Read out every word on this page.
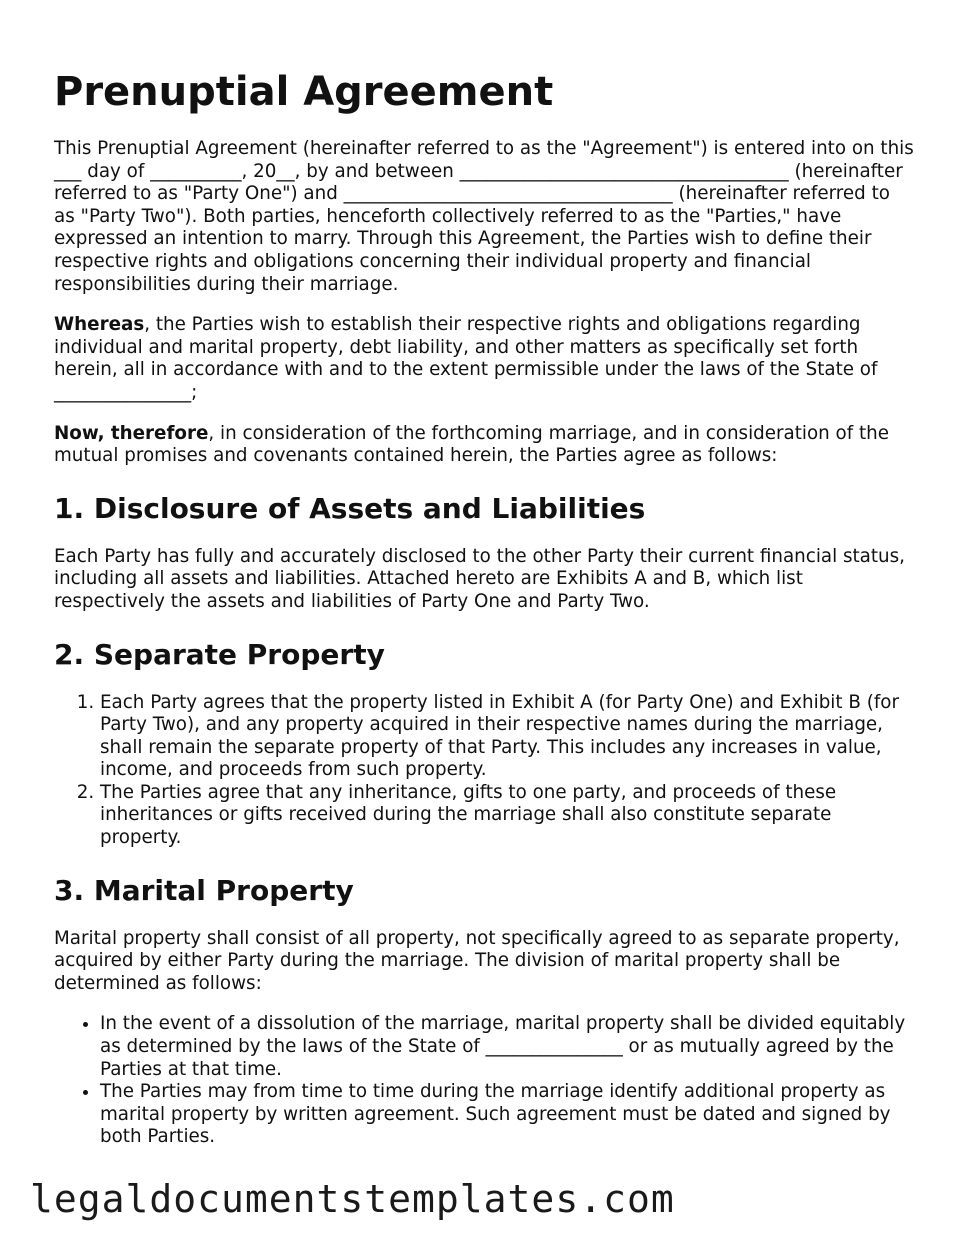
Prenuptial Agreement

This Prenuptial Agreement (hereinafter referred to as the "Agreement") is entered into on this ___ day of __________, 20__, by and between ____________________________________ (hereinafter referred to as "Party One") and ____________________________________ (hereinafter referred to as "Party Two"). Both parties, henceforth collectively referred to as the "Parties," have expressed an intention to marry. Through this Agreement, the Parties wish to define their respective rights and obligations concerning their individual property and financial responsibilities during their marriage.

Whereas, the Parties wish to establish their respective rights and obligations regarding individual and marital property, debt liability, and other matters as specifically set forth herein, all in accordance with and to the extent permissible under the laws of the State of _______________;

Now, therefore, in consideration of the forthcoming marriage, and in consideration of the mutual promises and covenants contained herein, the Parties agree as follows:

1. Disclosure of Assets and Liabilities

Each Party has fully and accurately disclosed to the other Party their current financial status, including all assets and liabilities. Attached hereto are Exhibits A and B, which list respectively the assets and liabilities of Party One and Party Two.

2. Separate Property
1. Each Party agrees that the property listed in Exhibit A (for Party One) and Exhibit B (for Party Two), and any property acquired in their respective names during the marriage, shall remain the separate property of that Party. This includes any increases in value, income, and proceeds from such property.
2. The Parties agree that any inheritance, gifts to one party, and proceeds of these inheritances or gifts received during the marriage shall also constitute separate property.
3. Marital Property

Marital property shall consist of all property, not specifically agreed to as separate property, acquired by either Party during the marriage. The division of marital property shall be determined as follows:

• In the event of a dissolution of the marriage, marital property shall be divided equitably as determined by the laws of the State of _______________ or as mutually agreed by the Parties at that time.
• The Parties may from time to time during the marriage identify additional property as marital property by written agreement. Such agreement must be dated and signed by both Parties.
legaldocumentstemplates.com
